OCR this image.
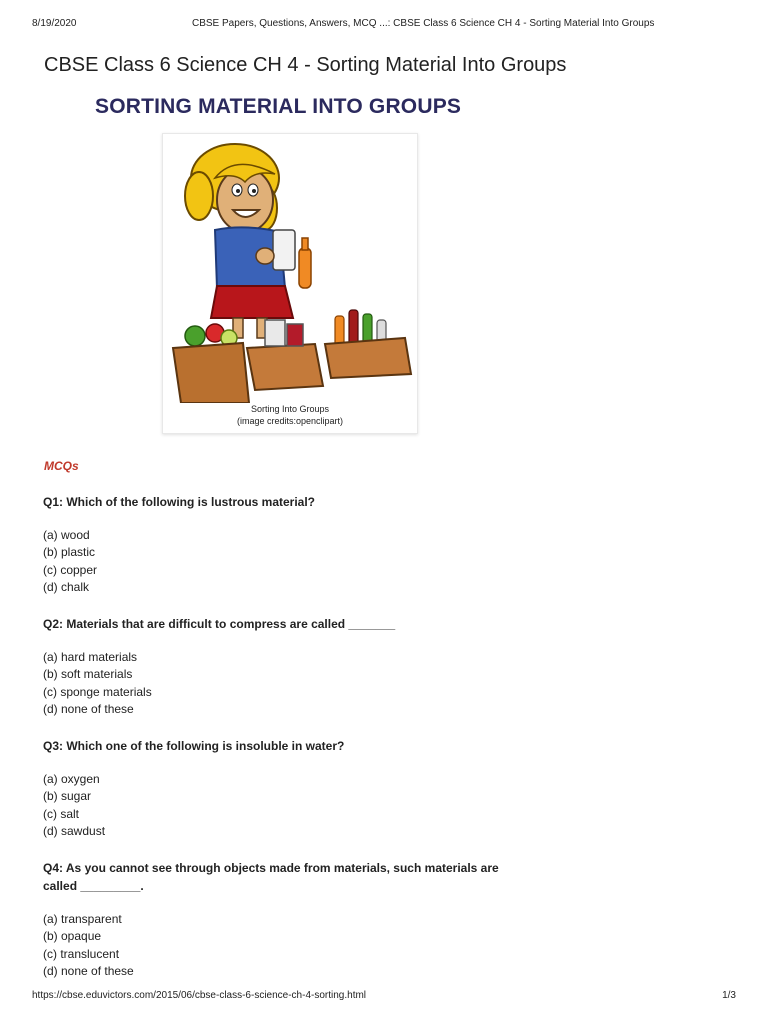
8/19/2020	CBSE Papers, Questions, Answers, MCQ ...: CBSE Class 6 Science CH 4 - Sorting Material Into Groups
CBSE Class 6 Science CH 4 - Sorting Material Into Groups
SORTING MATERIAL INTO GROUPS
Sorting Into Groups
(image credits:openclipart)
MCQs
Q1: Which of the following is lustrous material?
(a) wood
(b) plastic
(c) copper
(d) chalk
Q2: Materials that are difficult to compress are called _______
(a) hard materials
(b) soft materials
(c) sponge materials
(d) none of these
Q3: Which one of the following is insoluble in water?
(a) oxygen
(b) sugar
(c) salt
(d) sawdust
Q4: As you cannot see through objects made from materials, such materials are
called _________.
(a) transparent
(b) opaque
(c) translucent
(d) none of these
https://cbse.eduvictors.com/2015/06/cbse-class-6-science-ch-4-sorting.html	1/3
